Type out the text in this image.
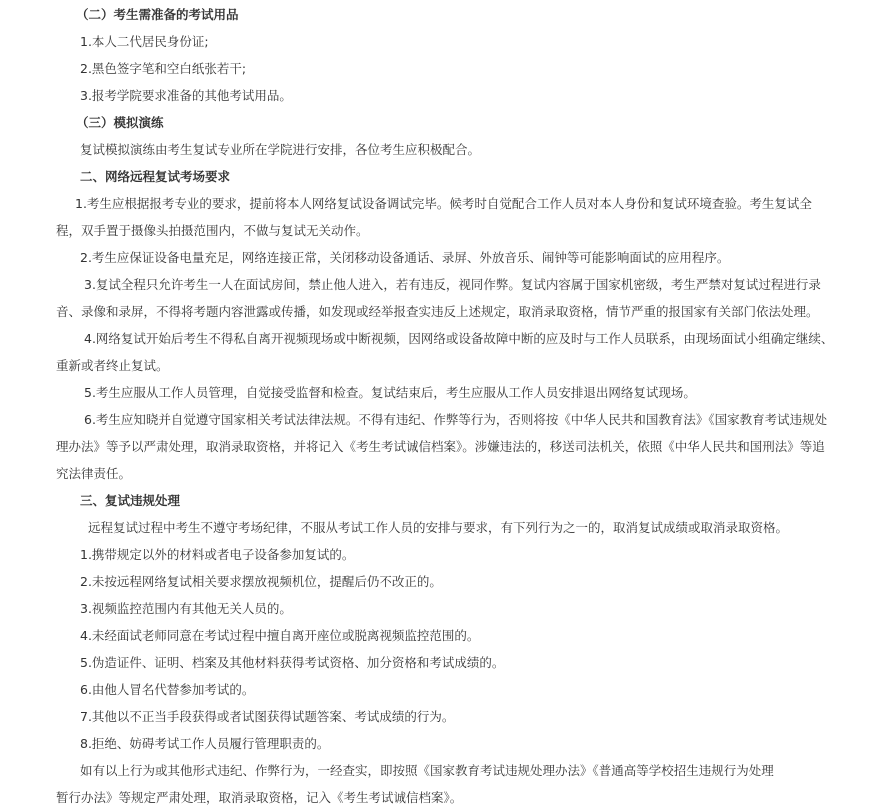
（二）考生需准备的考试用品
1.本人二代居民身份证;
2.黑色签字笔和空白纸张若干;
3.报考学院要求准备的其他考试用品。
（三）模拟演练
复试模拟演练由考生复试专业所在学院进行安排，各位考生应积极配合。
二、网络远程复试考场要求
1.考生应根据报考专业的要求，提前将本人网络复试设备调试完毕。候考时自觉配合工作人员对本人身份和复试环境查验。考生复试全
程，双手置于摄像头拍摄范围内，不做与复试无关动作。
2.考生应保证设备电量充足，网络连接正常，关闭移动设备通话、录屏、外放音乐、闹钟等可能影响面试的应用程序。
3.复试全程只允许考生一人在面试房间，禁止他人进入，若有违反，视同作弊。复试内容属于国家机密级，考生严禁对复试过程进行录
音、录像和录屏，不得将考题内容泄露或传播，如发现或经举报查实违反上述规定，取消录取资格，情节严重的报国家有关部门依法处理。
4.网络复试开始后考生不得私自离开视频现场或中断视频，因网络或设备故障中断的应及时与工作人员联系，由现场面试小组确定继续、
重新或者终止复试。
5.考生应服从工作人员管理，自觉接受监督和检查。复试结束后，考生应服从工作人员安排退出网络复试现场。
6.考生应知晓并自觉遵守国家相关考试法律法规。不得有违纪、作弊等行为，否则将按《中华人民共和国教育法》《国家教育考试违规处
理办法》等予以严肃处理，取消录取资格，并将记入《考生考试诚信档案》。涉嫌违法的，移送司法机关，依照《中华人民共和国刑法》等追
究法律责任。
三、复试违规处理
远程复试过程中考生不遵守考场纪律，不服从考试工作人员的安排与要求，有下列行为之一的，取消复试成绩或取消录取资格。
1.携带规定以外的材料或者电子设备参加复试的。
2.未按远程网络复试相关要求摆放视频机位，提醒后仍不改正的。
3.视频监控范围内有其他无关人员的。
4.未经面试老师同意在考试过程中擅自离开座位或脱离视频监控范围的。
5.伪造证件、证明、档案及其他材料获得考试资格、加分资格和考试成绩的。
6.由他人冒名代替参加考试的。
7.其他以不正当手段获得或者试图获得试题答案、考试成绩的行为。
8.拒绝、妨碍考试工作人员履行管理职责的。
如有以上行为或其他形式违纪、作弊行为，一经查实，即按照《国家教育考试违规处理办法》《普通高等学校招生违规行为处理
暂行办法》等规定严肃处理，取消录取资格，记入《考生考试诚信档案》。
